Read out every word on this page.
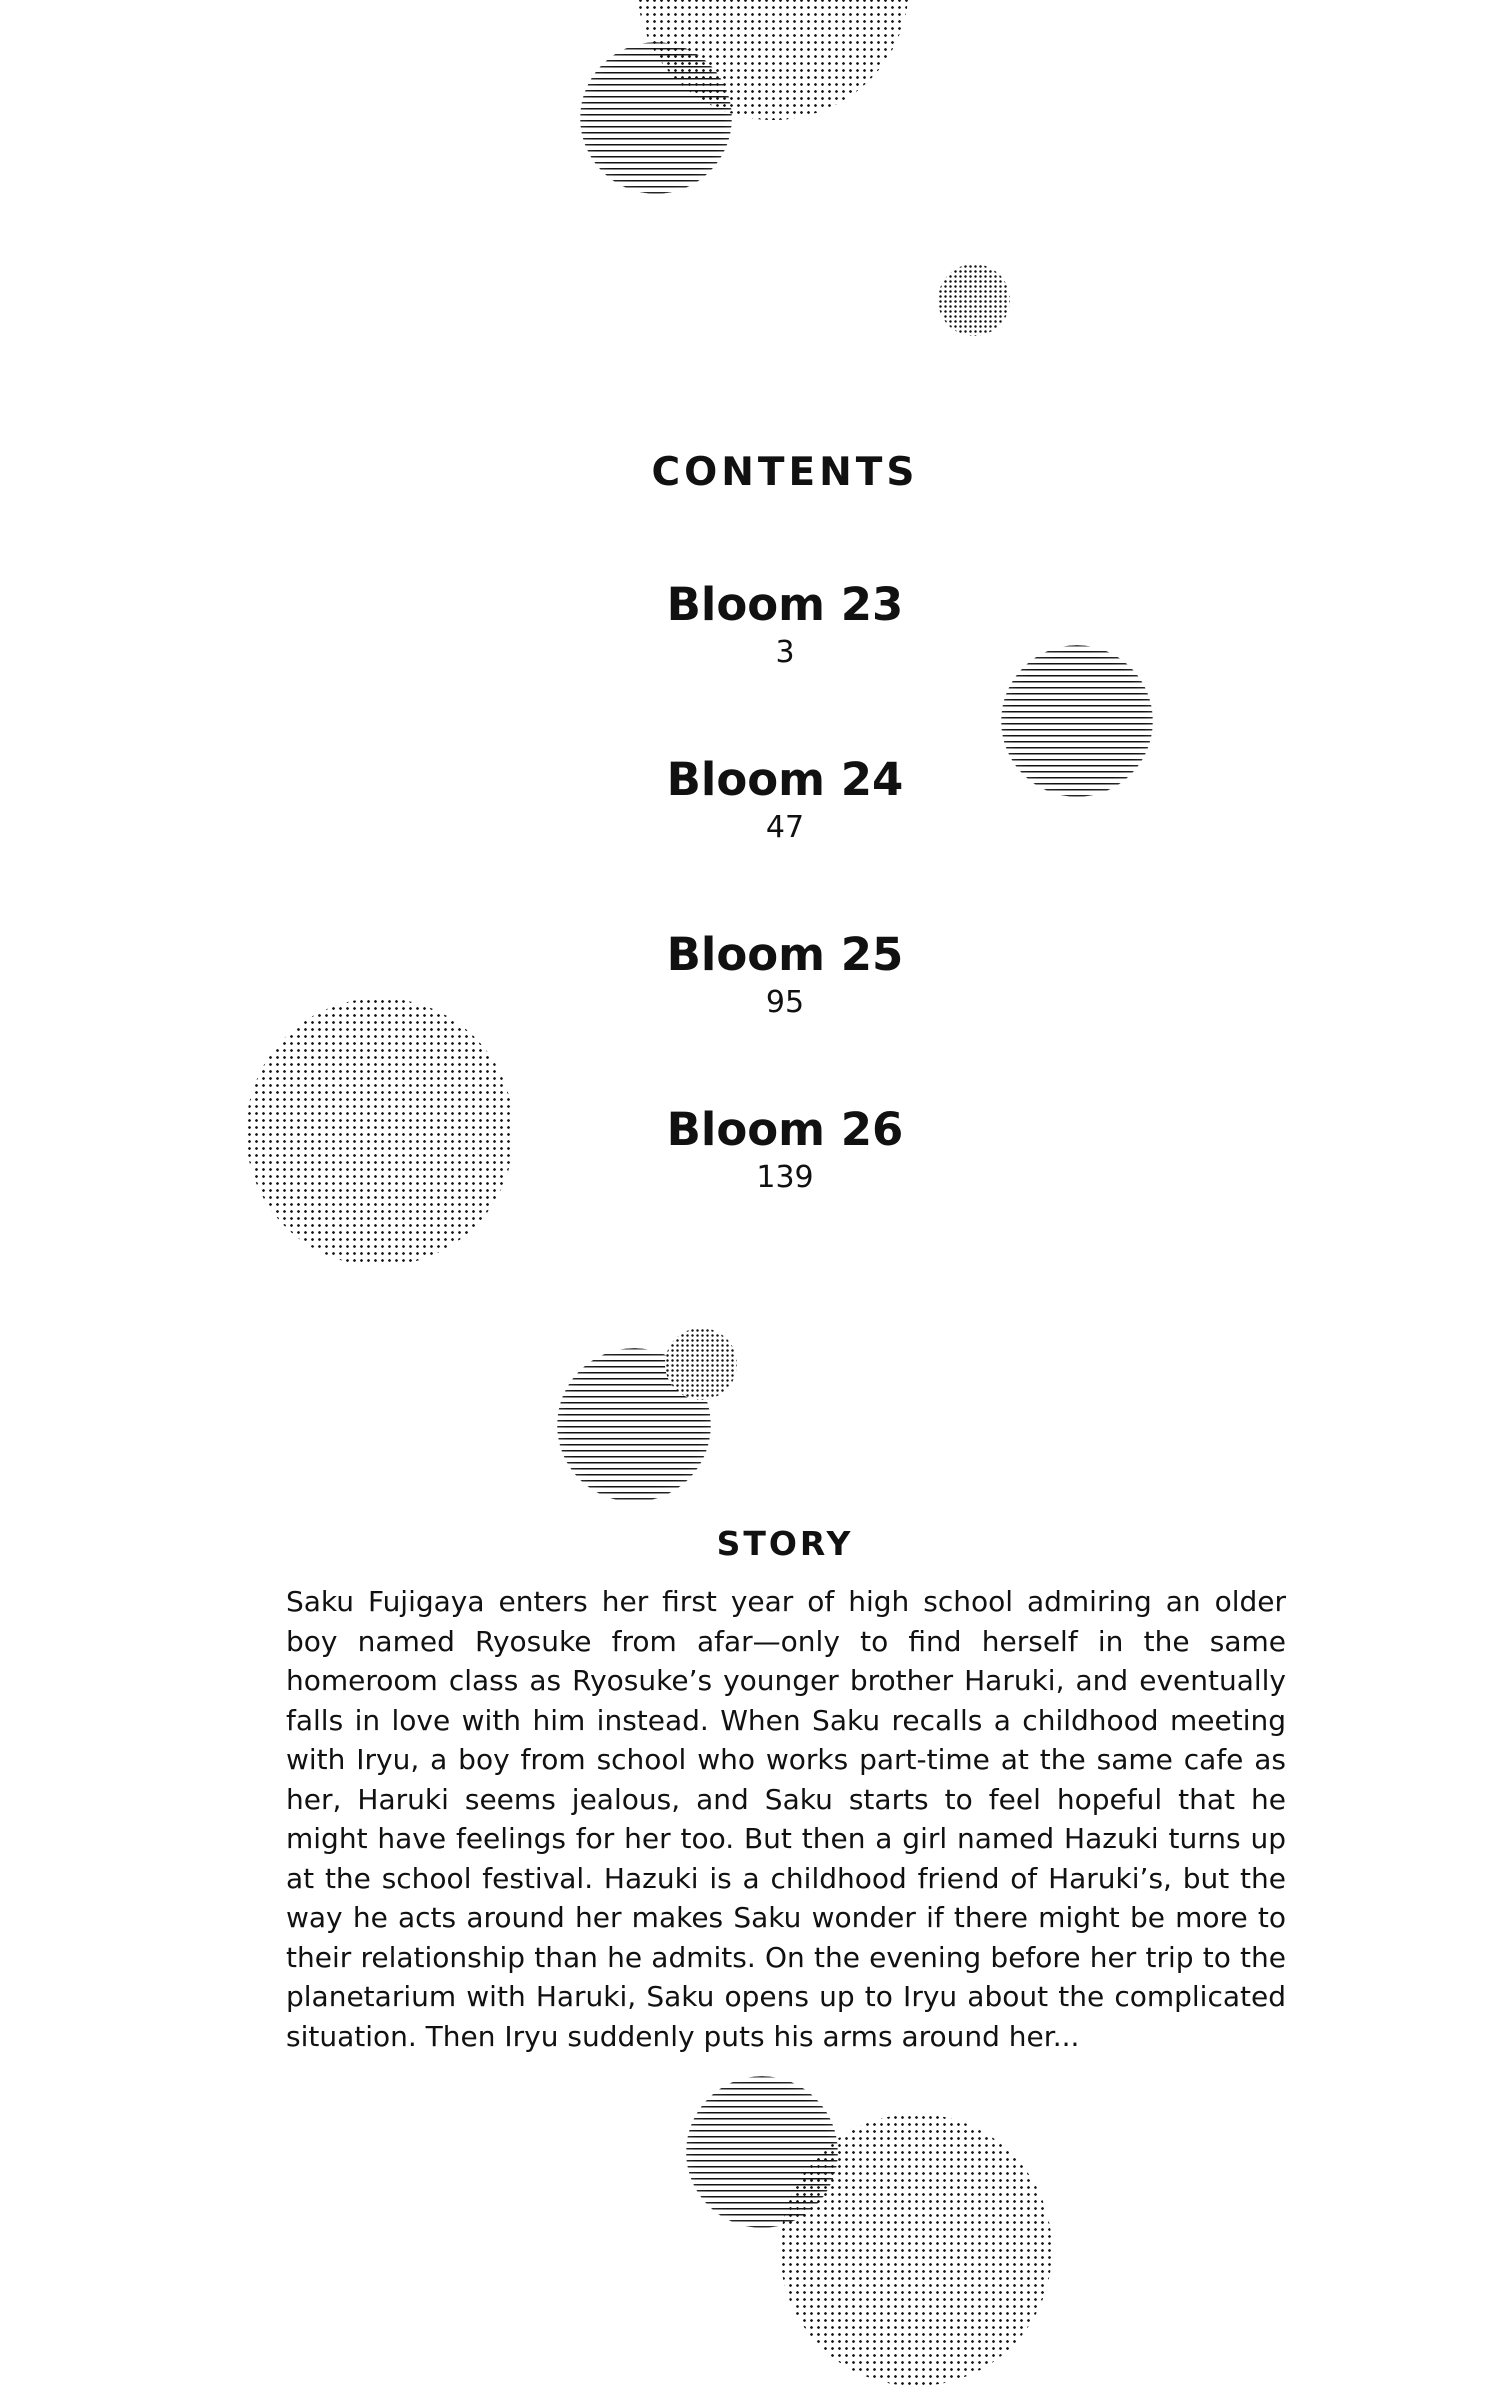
CONTENTS
Bloom 23
3
Bloom 24
47
Bloom 25
95
Bloom 26
139
STORY
Saku Fujigaya enters her first year of high school admiring an older boy named Ryosuke from afar—only to find herself in the same homeroom class as Ryosuke’s younger brother Haruki, and eventually falls in love with him instead. When Saku recalls a childhood meeting with Iryu, a boy from school who works part-time at the same cafe as her, Haruki seems jealous, and Saku starts to feel hopeful that he might have feelings for her too. But then a girl named Hazuki turns up at the school festival. Hazuki is a childhood friend of Haruki’s, but the way he acts around her makes Saku wonder if there might be more to their relationship than he admits. On the evening before her trip to the planetarium with Haruki, Saku opens up to Iryu about the complicated situation. Then Iryu suddenly puts his arms around her...
